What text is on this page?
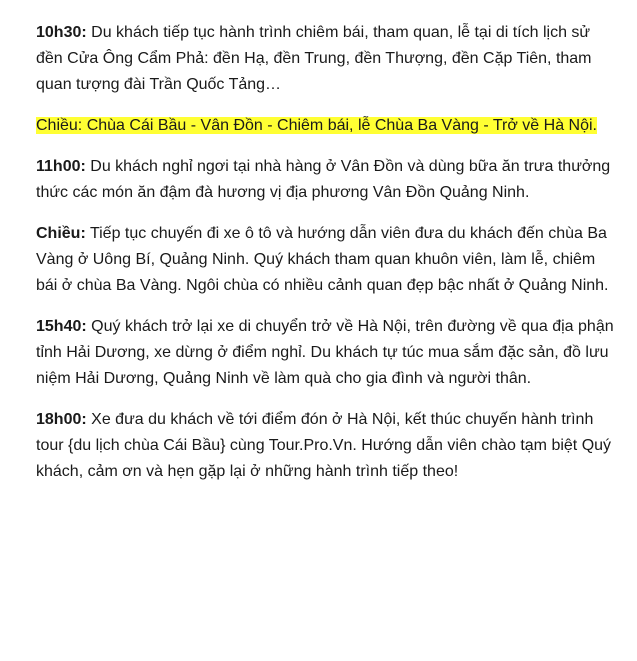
10h30: Du khách tiếp tục hành trình chiêm bái, tham quan, lễ tại di tích lịch sử đền Cửa Ông Cẩm Phả: đền Hạ, đền Trung, đền Thượng, đền Cặp Tiên, tham quan tượng đài Trần Quốc Tảng…

Chiều: Chùa Cái Bầu - Vân Đồn - Chiêm bái, lễ Chùa Ba Vàng - Trở về Hà Nội.

11h00: Du khách nghỉ ngơi tại nhà hàng ở Vân Đồn và dùng bữa ăn trưa thưởng thức các món ăn đậm đà hương vị địa phương Vân Đồn Quảng Ninh.

Chiều: Tiếp tục chuyến đi xe ô tô và hướng dẫn viên đưa du khách đến chùa Ba Vàng ở Uông Bí, Quảng Ninh. Quý khách tham quan khuôn viên, làm lễ, chiêm bái ở chùa Ba Vàng. Ngôi chùa có nhiều cảnh quan đẹp bậc nhất ở Quảng Ninh.

15h40: Quý khách trở lại xe di chuyển trở về Hà Nội, trên đường về qua địa phận tỉnh Hải Dương, xe dừng ở điểm nghỉ. Du khách tự túc mua sắm đặc sản, đồ lưu niệm Hải Dương, Quảng Ninh về làm quà cho gia đình và người thân.

18h00: Xe đưa du khách về tới điểm đón ở Hà Nội, kết thúc chuyến hành trình tour {du lịch chùa Cái Bầu} cùng Tour.Pro.Vn. Hướng dẫn viên chào tạm biệt Quý khách, cảm ơn và hẹn gặp lại ở những hành trình tiếp theo!
